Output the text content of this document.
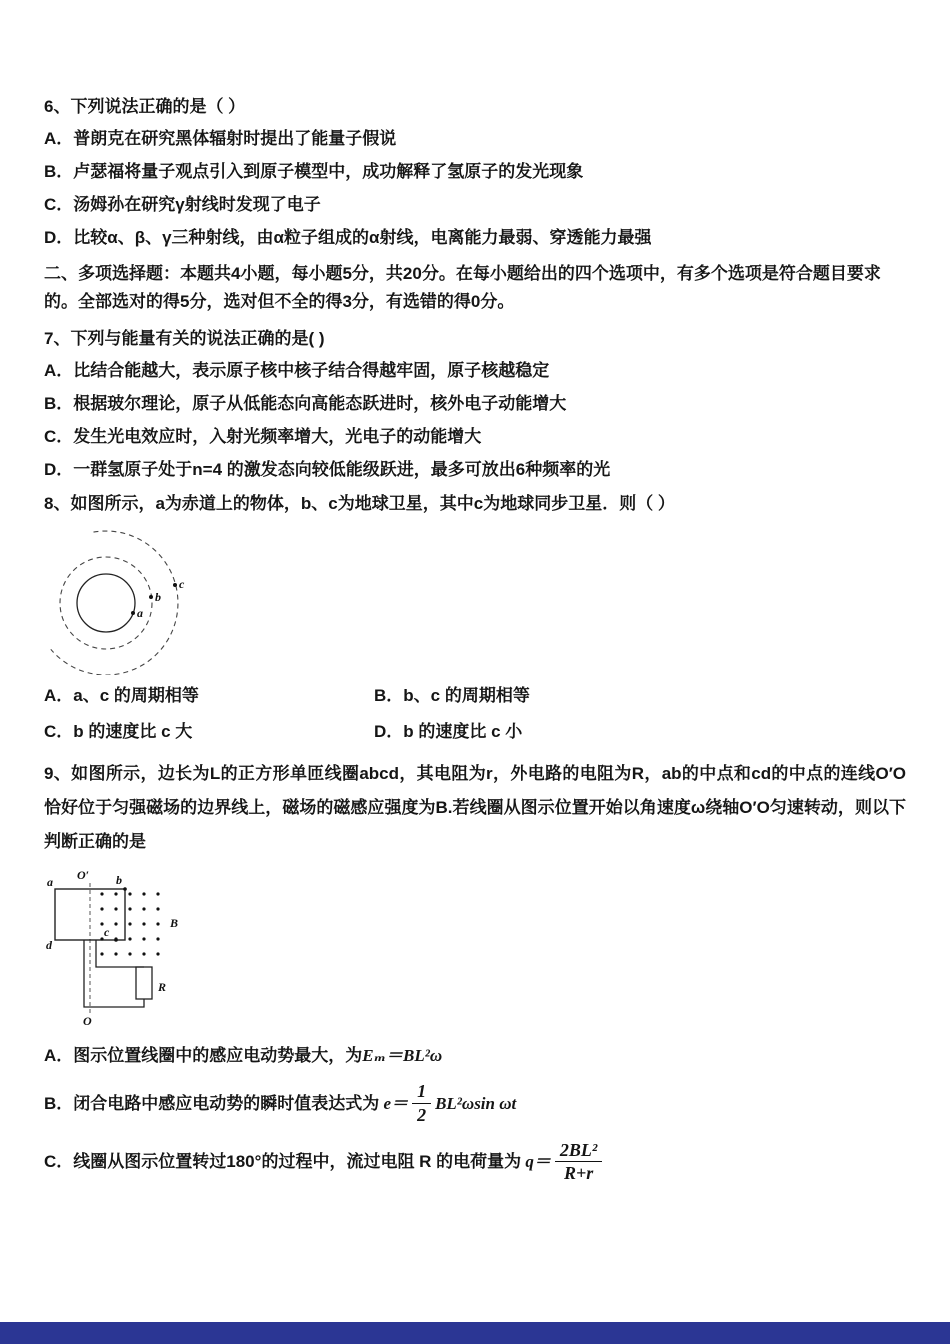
6、下列说法正确的是（ ）

A．普朗克在研究黑体辐射时提出了能量子假说

B．卢瑟福将量子观点引入到原子模型中，成功解释了氢原子的发光现象

C．汤姆孙在研究γ射线时发现了电子

D．比较α、β、γ三种射线，由α粒子组成的α射线，电离能力最弱、穿透能力最强

二、多项选择题：本题共4小题，每小题5分，共20分。在每小题给出的四个选项中，有多个选项是符合题目要求的。全部选对的得5分，选对但不全的得3分，有选错的得0分。

7、下列与能量有关的说法正确的是( )

A．比结合能越大，表示原子核中核子结合得越牢固，原子核越稳定

B．根据玻尔理论，原子从低能态向高能态跃进时，核外电子动能增大

C．发生光电效应时，入射光频率增大，光电子的动能增大

D．一群氢原子处于n=4 的激发态向较低能级跃进，最多可放出6种频率的光

8、如图所示，a为赤道上的物体，b、c为地球卫星，其中c为地球同步卫星．则（ ）

a
b
c

A．a、c 的周期相等	B．b、c 的周期相等

C．b 的速度比 c 大	D．b 的速度比 c 小

9、如图所示，边长为L的正方形单匝线圈abcd，其电阻为r，外电路的电阻为R，ab的中点和cd的中点的连线O′O恰好位于匀强磁场的边界线上，磁场的磁感应强度为B.若线圈从图示位置开始以角速度ω绕轴O′O匀速转动，则以下判断正确的是

O′
O
a	b
c
d
B
R

A．图示位置线圈中的感应电动势最大，为Eₘ＝BL²ω

B．闭合电路中感应电动势的瞬时值表达式为 $e= \frac{1}{2} BL^2\omega\sin$ ωt

C．线圈从图示位置转过180°的过程中，流过电阻 R 的电荷量为 $q= \frac{\text{2BL²}}{R+r}$
